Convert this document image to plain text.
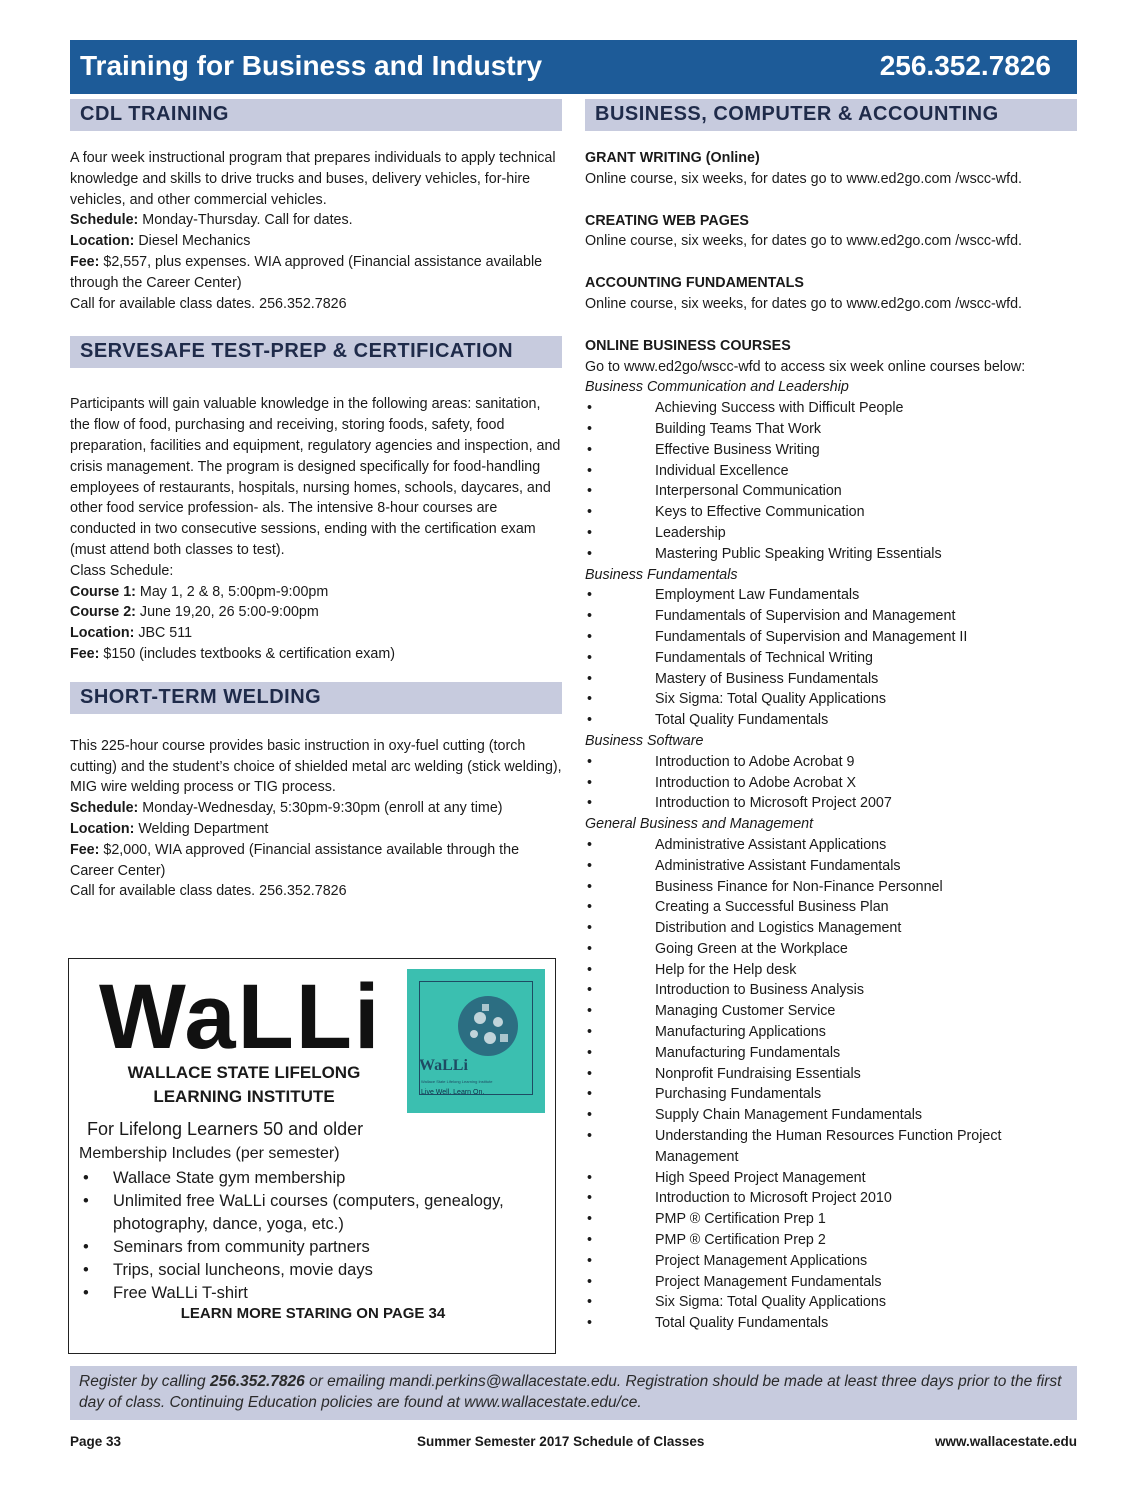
Training for Business and Industry	256.352.7826
CDL TRAINING

A four week instructional program that prepares individuals to apply technical knowledge and skills to drive trucks and buses, delivery vehicles, for-hire vehicles, and other commercial vehicles.

Schedule: Monday-Thursday. Call for dates.

Location: Diesel Mechanics

Fee: $2,557, plus expenses. WIA approved (Financial assistance available through the Career Center)

Call for available class dates. 256.352.7826

SERVESAFE TEST-PREP & CERTIFICATION

Participants will gain valuable knowledge in the following areas: sanitation, the flow of food, purchasing and receiving, storing foods, safety, food preparation, facilities and equipment, regulatory agencies and inspection, and crisis management. The program is designed specifically for food-handling employees of restaurants, hospitals, nursing homes, schools, daycares, and other food service profession- als. The intensive 8-hour courses are conducted in two consecutive sessions, ending with the certification exam (must attend both classes to test).

Class Schedule:

Course 1: May 1, 2 & 8, 5:00pm-9:00pm

Course 2: June 19,20, 26 5:00-9:00pm

Location: JBC 511

Fee: $150 (includes textbooks & certification exam)

SHORT-TERM WELDING

This 225-hour course provides basic instruction in oxy-fuel cutting (torch cutting) and the student’s choice of shielded metal arc welding (stick welding), MIG wire welding process or TIG process.

Schedule: Monday-Wednesday, 5:30pm-9:30pm (enroll at any time)

Location: Welding Department

Fee: $2,000, WIA approved (Financial assistance available through the Career Center)

Call for available class dates. 256.352.7826

WaLLi
WALLACE STATE LIFELONG LEARNING INSTITUTE
WaLLi
Wallace State Lifelong Learning Institute
Live Well. Learn On.
For Lifelong Learners 50 and older
Membership Includes (per semester)
• Wallace State gym membership
• Unlimited free WaLLi courses (computers, genealogy, photography, dance, yoga, etc.)
• Seminars from community partners
• Trips, social luncheons, movie days
• Free WaLLi T-shirt
LEARN MORE STARING ON PAGE 34
BUSINESS, COMPUTER & ACCOUNTING
GRANT WRITING (Online)
Online course, six weeks, for dates go to www.ed2go.com /wscc-wfd.
CREATING WEB PAGES
Online course, six weeks, for dates go to www.ed2go.com /wscc-wfd.
ACCOUNTING FUNDAMENTALS
Online course, six weeks, for dates go to www.ed2go.com /wscc-wfd.
ONLINE BUSINESS COURSES
Go to www.ed2go/wscc-wfd to access six week online courses below:
Business Communication and Leadership
•	Achieving Success with Difficult People
•	Building Teams That Work
•	Effective Business Writing
•	Individual Excellence
•	Interpersonal Communication
•	Keys to Effective Communication
•	Leadership
•	Mastering Public Speaking Writing Essentials
Business Fundamentals
•	Employment Law Fundamentals
•	Fundamentals of Supervision and Management
•	Fundamentals of Supervision and Management II
•	Fundamentals of Technical Writing
•	Mastery of Business Fundamentals
•	Six Sigma: Total Quality Applications
•	Total Quality Fundamentals
Business Software
•	Introduction to Adobe Acrobat 9
•	Introduction to Adobe Acrobat X
•	Introduction to Microsoft Project 2007
General Business and Management
•	Administrative Assistant Applications
•	Administrative Assistant Fundamentals
•	Business Finance for Non-Finance Personnel
•	Creating a Successful Business Plan
•	Distribution and Logistics Management
•	Going Green at the Workplace
•	Help for the Help desk
•	Introduction to Business Analysis
•	Managing Customer Service
•	Manufacturing Applications
•	Manufacturing Fundamentals
•	Nonprofit Fundraising Essentials
•	Purchasing Fundamentals
•	Supply Chain Management Fundamentals
•	Understanding the Human Resources Function Project Management
•	High Speed Project Management
•	Introduction to Microsoft Project 2010
•	PMP ® Certification Prep 1
•	PMP ® Certification Prep 2
•	Project Management Applications
•	Project Management Fundamentals
•	Six Sigma: Total Quality Applications
•	Total Quality Fundamentals
Register by calling 256.352.7826 or emailing mandi.perkins@wallacestate.edu. Registration should be made at least three days prior to the first day of class. Continuing Education policies are found at www.wallacestate.edu/ce.
Page 33	Summer Semester 2017 Schedule of Classes	www.wallacestate.edu
